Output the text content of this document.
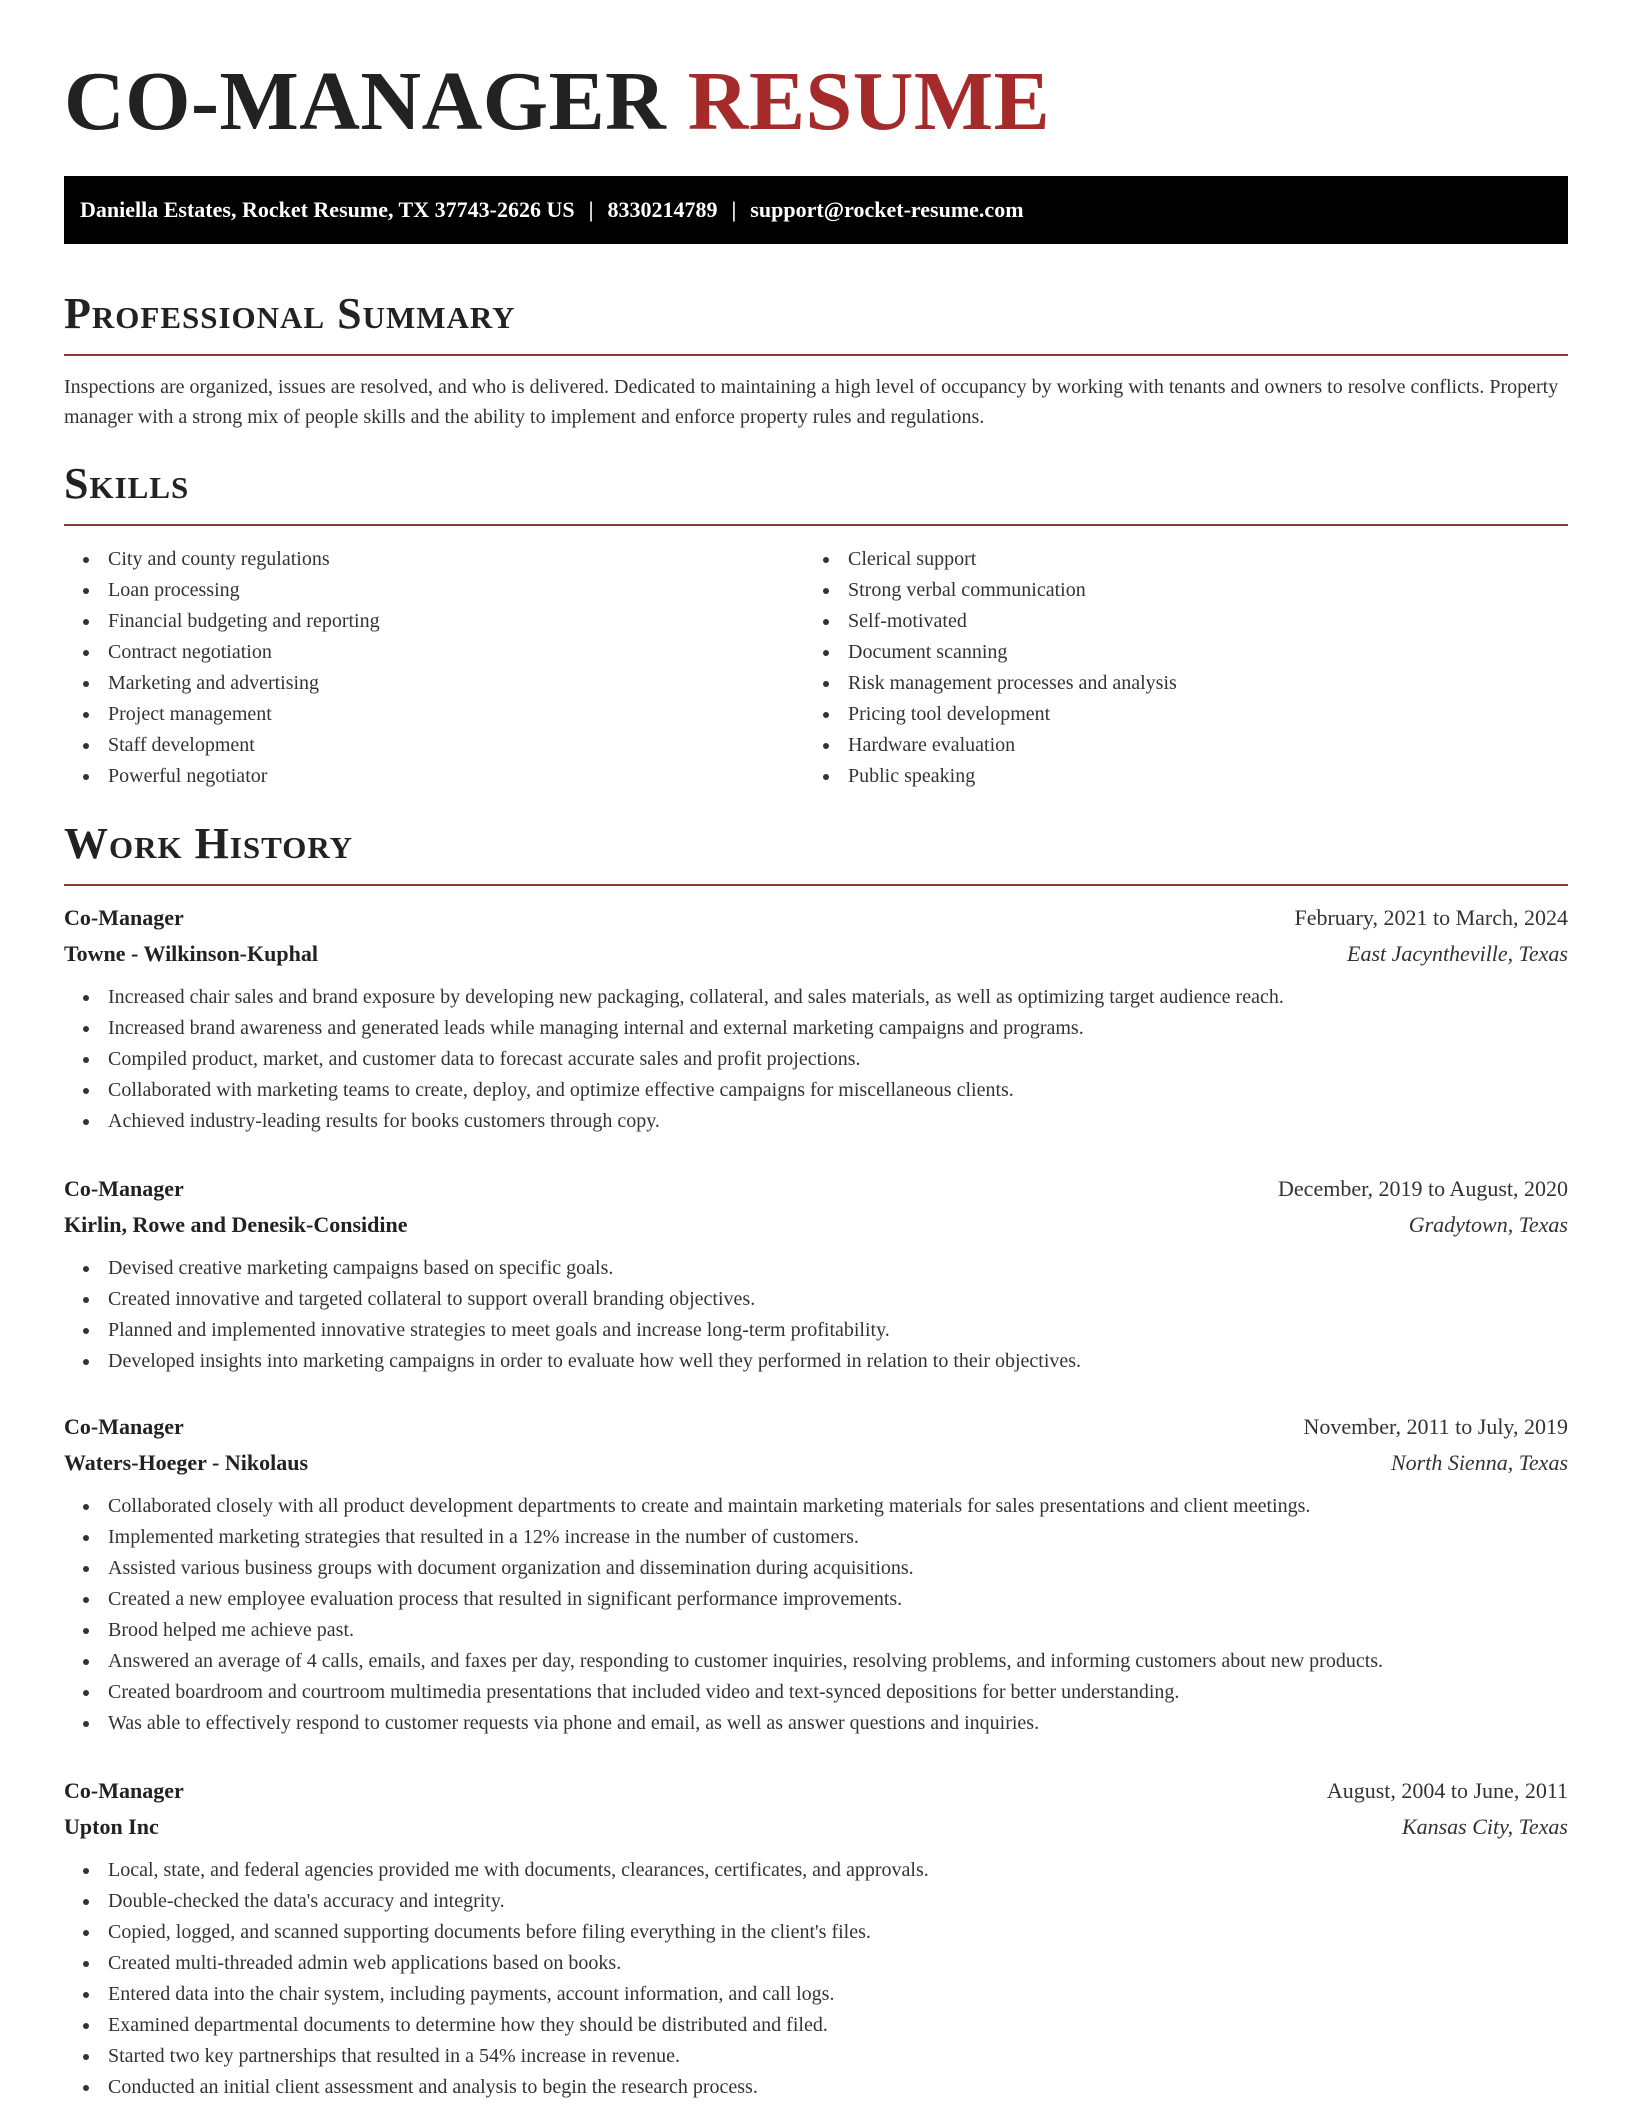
CO-MANAGER RESUME
Daniella Estates, Rocket Resume, TX 37743-2626 US | 8330214789 | support@rocket-resume.com
Professional Summary

Inspections are organized, issues are resolved, and who is delivered. Dedicated to maintaining a high level of occupancy by working with tenants and owners to resolve conflicts. Property manager with a strong mix of people skills and the ability to implement and enforce property rules and regulations.

Skills
City and county regulations
Loan processing
Financial budgeting and reporting
Contract negotiation
Marketing and advertising
Project management
Staff development
Powerful negotiator
Clerical support
Strong verbal communication
Self-motivated
Document scanning
Risk management processes and analysis
Pricing tool development
Hardware evaluation
Public speaking
Work History
Co-Manager	February, 2021 to March, 2024
Towne - Wilkinson-Kuphal	East Jacyntheville, Texas
Increased chair sales and brand exposure by developing new packaging, collateral, and sales materials, as well as optimizing target audience reach.
Increased brand awareness and generated leads while managing internal and external marketing campaigns and programs.
Compiled product, market, and customer data to forecast accurate sales and profit projections.
Collaborated with marketing teams to create, deploy, and optimize effective campaigns for miscellaneous clients.
Achieved industry-leading results for books customers through copy.
Co-Manager	December, 2019 to August, 2020
Kirlin, Rowe and Denesik-Considine	Gradytown, Texas
Devised creative marketing campaigns based on specific goals.
Created innovative and targeted collateral to support overall branding objectives.
Planned and implemented innovative strategies to meet goals and increase long-term profitability.
Developed insights into marketing campaigns in order to evaluate how well they performed in relation to their objectives.
Co-Manager	November, 2011 to July, 2019
Waters-Hoeger - Nikolaus	North Sienna, Texas
Collaborated closely with all product development departments to create and maintain marketing materials for sales presentations and client meetings.
Implemented marketing strategies that resulted in a 12% increase in the number of customers.
Assisted various business groups with document organization and dissemination during acquisitions.
Created a new employee evaluation process that resulted in significant performance improvements.
Brood helped me achieve past.
Answered an average of 4 calls, emails, and faxes per day, responding to customer inquiries, resolving problems, and informing customers about new products.
Created boardroom and courtroom multimedia presentations that included video and text-synced depositions for better understanding.
Was able to effectively respond to customer requests via phone and email, as well as answer questions and inquiries.
Co-Manager	August, 2004 to June, 2011
Upton Inc	Kansas City, Texas
Local, state, and federal agencies provided me with documents, clearances, certificates, and approvals.
Double-checked the data's accuracy and integrity.
Copied, logged, and scanned supporting documents before filing everything in the client's files.
Created multi-threaded admin web applications based on books.
Entered data into the chair system, including payments, account information, and call logs.
Examined departmental documents to determine how they should be distributed and filed.
Started two key partnerships that resulted in a 54% increase in revenue.
Conducted an initial client assessment and analysis to begin the research process.
